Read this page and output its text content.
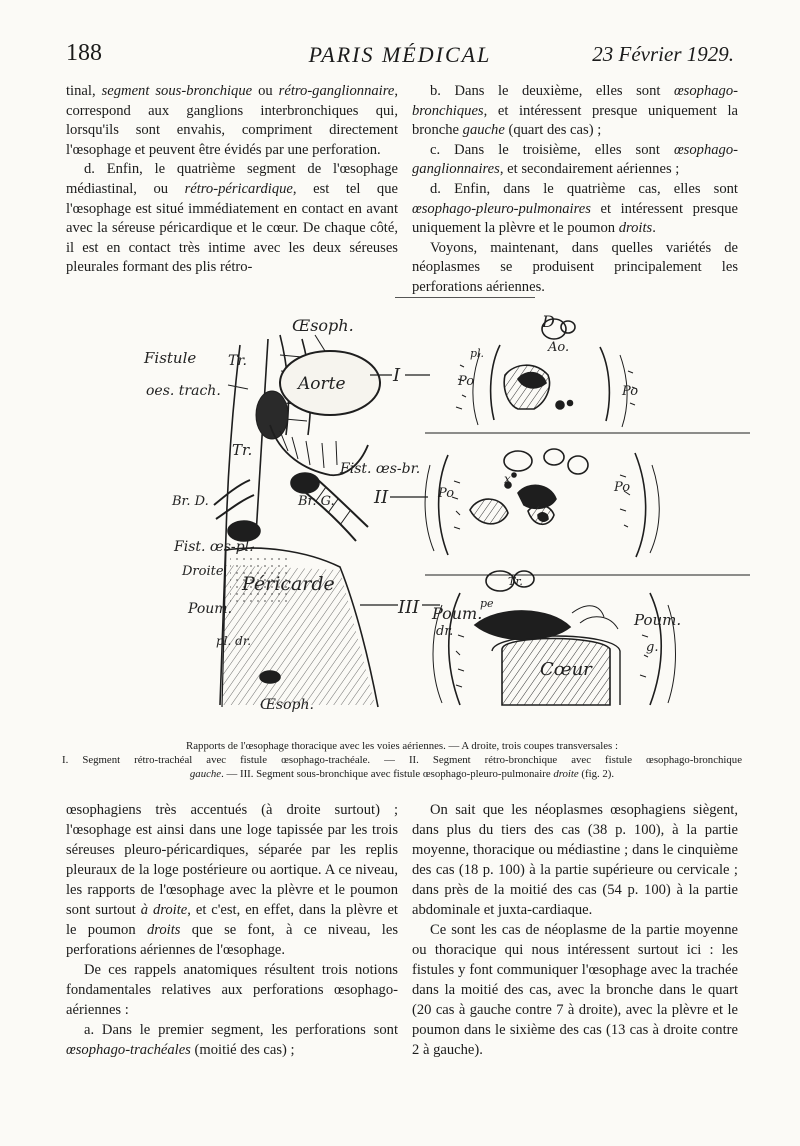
188	PARIS MÉDICAL	23 Février 1929.

tinal, segment sous-bronchique ou rétro-ganglionnaire, correspond aux ganglions interbronchiques qui, lorsqu'ils sont envahis, compriment directement l'œsophage et peuvent être évidés par une perforation.

d. Enfin, le quatrième segment de l'œsophage médiastinal, ou rétro-péricardique, est tel que l'œsophage est situé immédiatement en contact en avant avec la séreuse péricardique et le cœur. De chaque côté, il est en contact très intime avec les deux séreuses pleurales formant des plis rétro-

b. Dans le deuxième, elles sont œsophago-bronchiques, et intéressent presque uniquement la bronche gauche (quart des cas) ;

c. Dans le troisième, elles sont œsophago-ganglionnaires, et secondairement aériennes ;

d. Enfin, dans le quatrième cas, elles sont œsophago-pleuro-pulmonaires et intéressent presque uniquement la plèvre et le poumon droits.

Voyons, maintenant, dans quelles variétés de néoplasmes se produisent principalement les perforations aériennes.

Œsoph.
Fistule
oes. trach.
Tr.
Aorte
Tr.
Fist. œs-br.
Br. D.	Br. G.
Fist. œs-pl.
Droite
Péricarde
Poum.
pl. dr.
Œsoph.
I
II
III
D
Ao.
Po
Po
pl.
Po	Po
x
Tr.
pe
Poum.
dr.
Poum.
g.
Cœur
Rapports de l'œsophage thoracique avec les voies aériennes. — A droite, trois coupes transversales :
I. Segment rétro-trachéal avec fistule œsophago-trachéale. — II. Segment rétro-bronchique avec fistule œsophago-bronchique
gauche. — III. Segment sous-bronchique avec fistule œsophago-pleuro-pulmonaire droite (fig. 2).

œsophagiens très accentués (à droite surtout) ; l'œsophage est ainsi dans une loge tapissée par les trois séreuses pleuro-péricardiques, séparée par les replis pleuraux de la loge postérieure ou aortique. A ce niveau, les rapports de l'œsophage avec la plèvre et le poumon sont surtout à droite, et c'est, en effet, dans la plèvre et le poumon droits que se font, à ce niveau, les perforations aériennes de l'œsophage.

De ces rappels anatomiques résultent trois notions fondamentales relatives aux perforations œsophago-aériennes :

a. Dans le premier segment, les perforations sont œsophago-trachéales (moitié des cas) ;

On sait que les néoplasmes œsophagiens siègent, dans plus du tiers des cas (38 p. 100), à la partie moyenne, thoracique ou médiastine ; dans le cinquième des cas (18 p. 100) à la partie supérieure ou cervicale ; dans près de la moitié des cas (54 p. 100) à la partie abdominale et juxta-cardiaque.

Ce sont les cas de néoplasme de la partie moyenne ou thoracique qui nous intéressent surtout ici : les fistules y font communiquer l'œsophage avec la trachée dans la moitié des cas, avec la bronche dans le quart (20 cas à gauche contre 7 à droite), avec la plèvre et le poumon dans le sixième des cas (13 cas à droite contre 2 à gauche).
